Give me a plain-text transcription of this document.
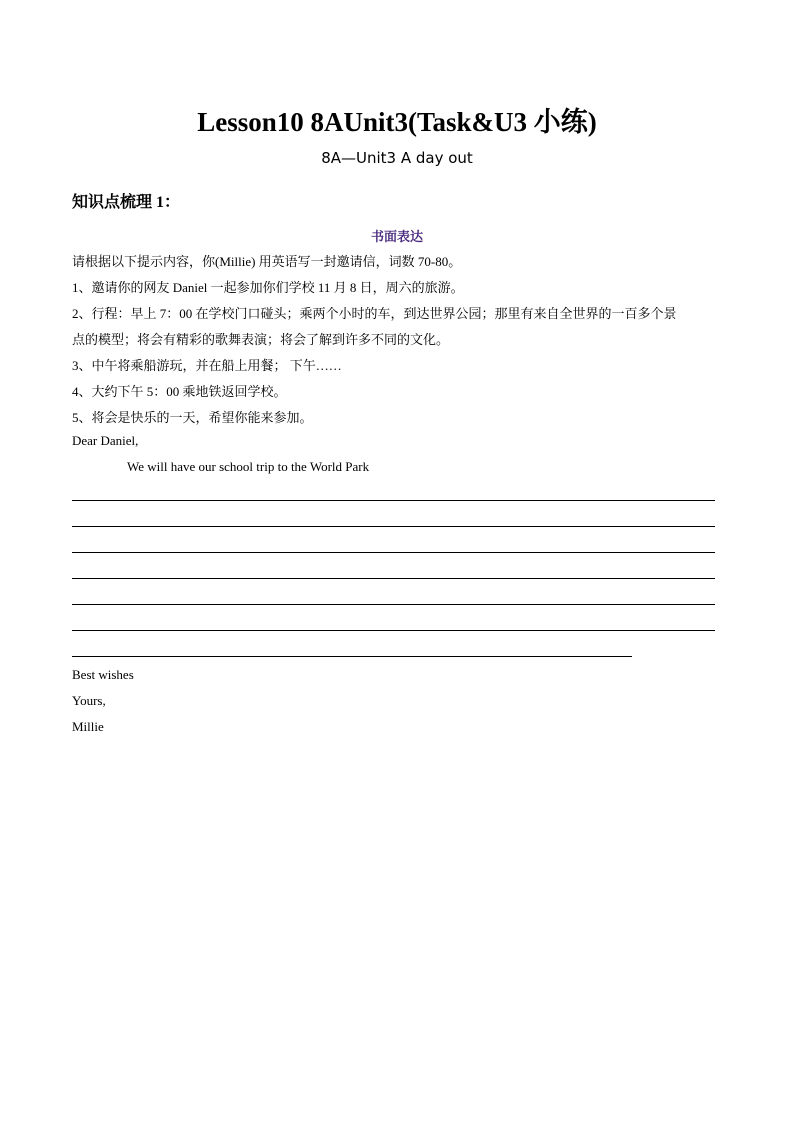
Lesson10 8AUnit3(Task&U3 小练)
8A—Unit3 A day out
知识点梳理 1：
书面表达
请根据以下提示内容，你(Millie) 用英语写一封邀请信，词数 70-80。
1、邀请你的网友 Daniel 一起参加你们学校 11 月 8 日，周六的旅游。
2、行程：早上 7：00 在学校门口碰头；乘两个小时的车，到达世界公园；那里有来自全世界的一百多个景
点的模型；将会有精彩的歌舞表演；将会了解到许多不同的文化。
3、中午将乘船游玩，并在船上用餐； 下午……
4、大约下午 5：00 乘地铁返回学校。
5、将会是快乐的一天，希望你能来参加。
Dear Daniel,
We will have our school trip to the World Park
Best wishes
Yours,
Millie
